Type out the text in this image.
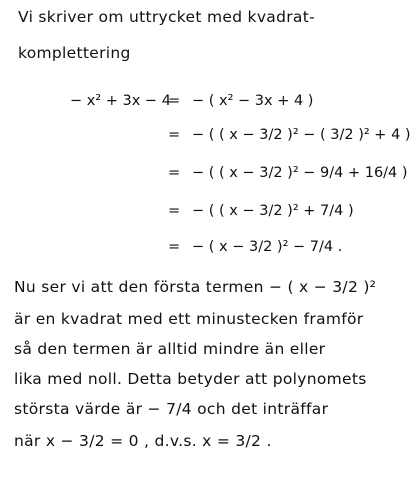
Vi skriver om uttrycket med kvadrat-
komplettering
− x² + 3x − 4
= − ( x² − 3x + 4 )
= − ( ( x − 3/2 )² − ( 3/2 )² + 4 )
= − ( ( x − 3/2 )² − 9/4 + 16/4 )
= − ( ( x − 3/2 )² + 7/4 )
= − ( x − 3/2 )² − 7/4 .
Nu ser vi att den första termen − ( x − 3/2 )²
är en kvadrat med ett minustecken framför
så den termen är alltid mindre än eller
lika med noll. Detta betyder att polynomets
största värde är − 7/4 och det inträffar
när x − 3/2 = 0 , d.v.s. x = 3/2 .
